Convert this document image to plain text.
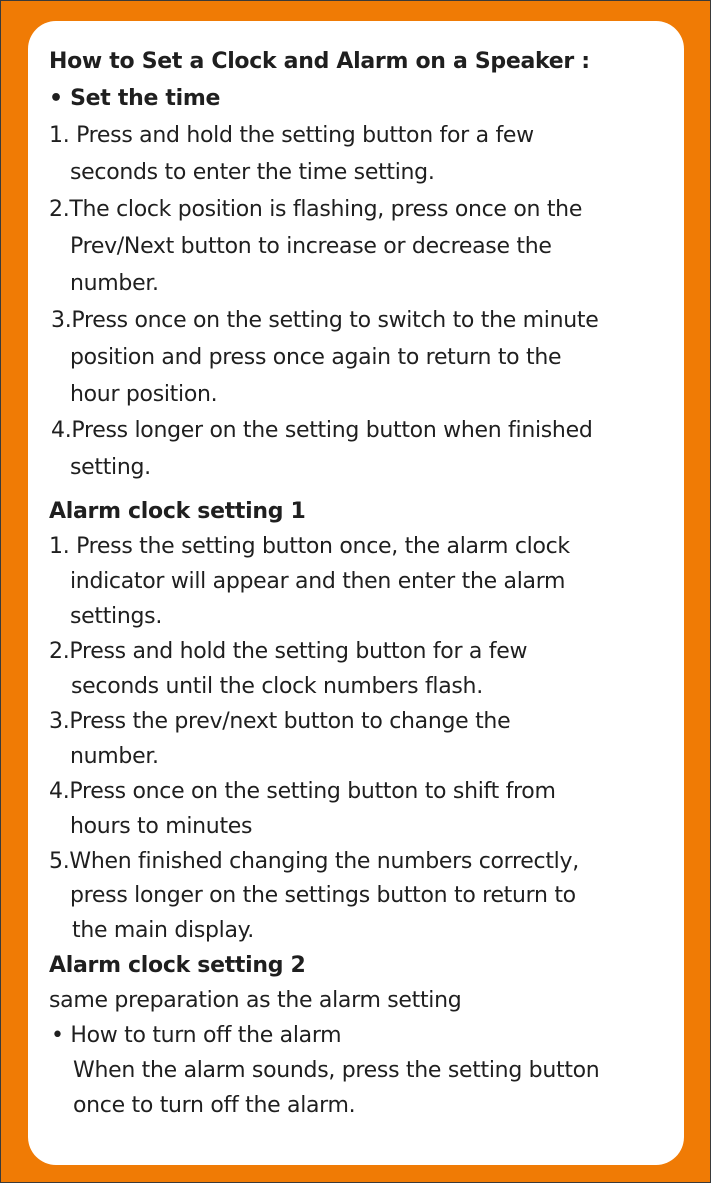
How to Set a Clock and Alarm on a Speaker :
• Set the time
1. Press and hold the setting button for a few
seconds to enter the time setting.
2.The clock position is flashing, press once on the
Prev/Next button to increase or decrease the
number.
3.Press once on the setting to switch to the minute
position and press once again to return to the
hour position.
4.Press longer on the setting button when finished
setting.
Alarm clock setting 1
1. Press the setting button once, the alarm clock
indicator will appear and then enter the alarm
settings.
2.Press and hold the setting button for a few
seconds until the clock numbers flash.
3.Press the prev/next button to change the
number.
4.Press once on the setting button to shift from
hours to minutes
5.When finished changing the numbers correctly,
press longer on the settings button to return to
the main display.
Alarm clock setting 2
same preparation as the alarm setting
• How to turn off the alarm
When the alarm sounds, press the setting button
once to turn off the alarm.
